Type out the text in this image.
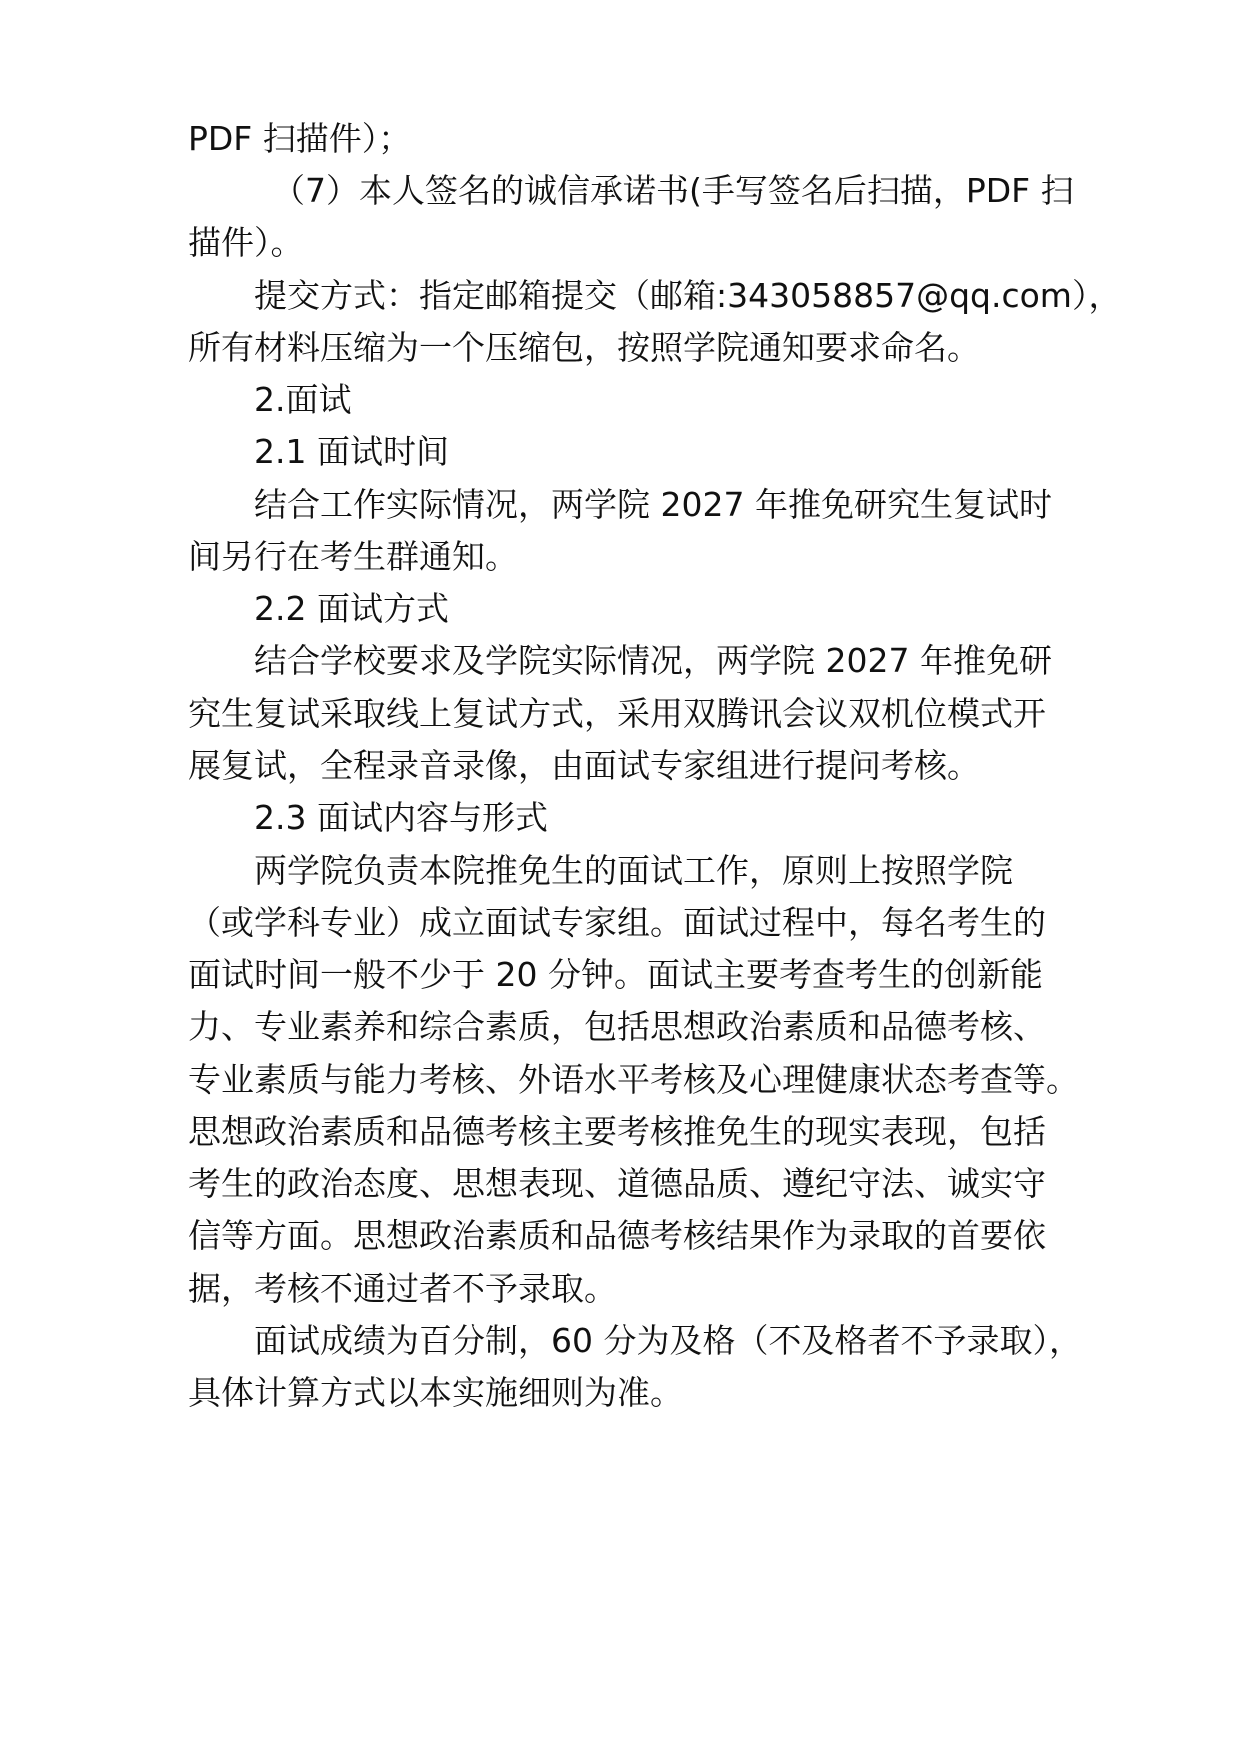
PDF 扫描件）；
（7）本人签名的诚信承诺书(手写签名后扫描，PDF 扫
描件）。
提交方式：指定邮箱提交（邮箱:343058857@qq.com），
所有材料压缩为一个压缩包，按照学院通知要求命名。
2.面试
2.1 面试时间
结合工作实际情况，两学院 2027 年推免研究生复试时
间另行在考生群通知。
2.2 面试方式
结合学校要求及学院实际情况，两学院 2027 年推免研
究生复试采取线上复试方式，采用双腾讯会议双机位模式开
展复试，全程录音录像，由面试专家组进行提问考核。
2.3 面试内容与形式
两学院负责本院推免生的面试工作，原则上按照学院
（或学科专业）成立面试专家组。面试过程中，每名考生的
面试时间一般不少于 20 分钟。面试主要考查考生的创新能
力、专业素养和综合素质，包括思想政治素质和品德考核、
专业素质与能力考核、外语水平考核及心理健康状态考查等。
思想政治素质和品德考核主要考核推免生的现实表现，包括
考生的政治态度、思想表现、道德品质、遵纪守法、诚实守
信等方面。思想政治素质和品德考核结果作为录取的首要依
据，考核不通过者不予录取。
面试成绩为百分制，60 分为及格（不及格者不予录取），
具体计算方式以本实施细则为准。
